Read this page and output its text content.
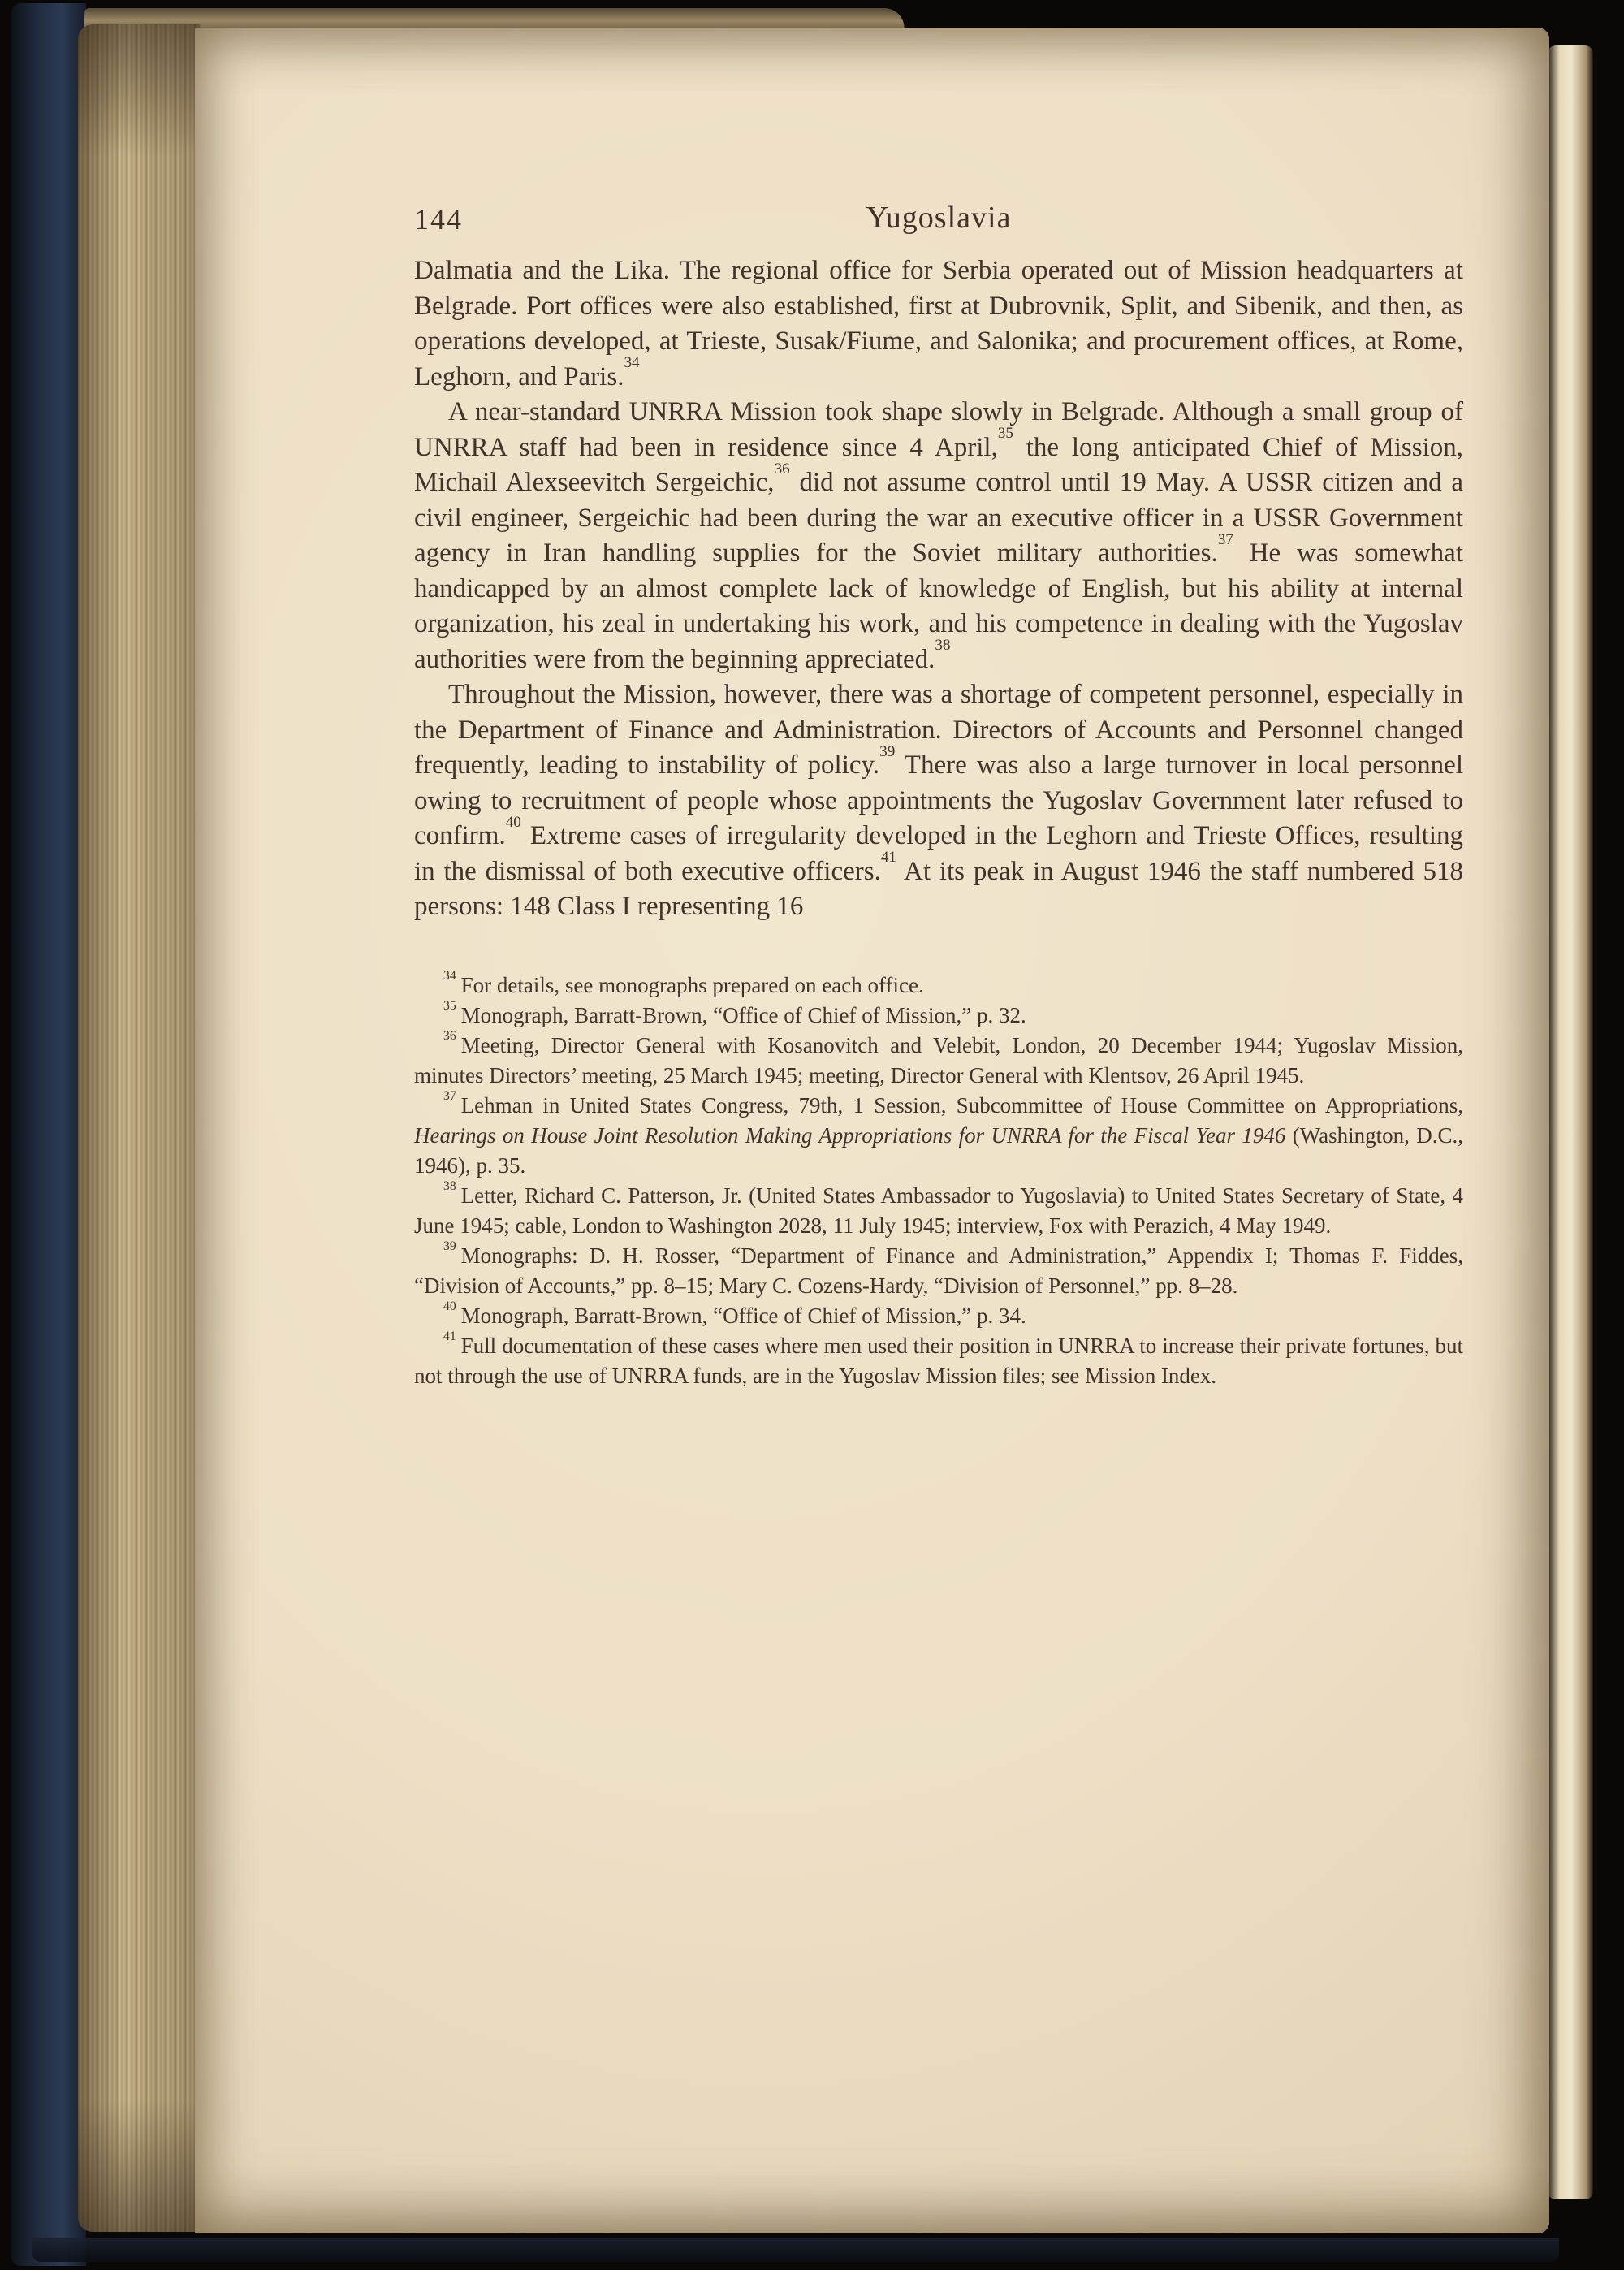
144	Yugoslavia

Dalmatia and the Lika. The regional office for Serbia operated out of Mission headquarters at Belgrade. Port offices were also established, first at Dubrovnik, Split, and Sibenik, and then, as operations developed, at Trieste, Susak/Fiume, and Salonika; and procurement offices, at Rome, Leghorn, and Paris.$^{34}$

A near-standard UNRRA Mission took shape slowly in Belgrade. Although a small group of UNRRA staff had been in residence since 4 April,$^{35}$ the long anticipated Chief of Mission, Michail Alexseevitch Sergeichic,$^{36}$ did not assume control until 19 May. A USSR citizen and a civil engineer, Sergeichic had been during the war an executive officer in a USSR Government agency in Iran handling supplies for the Soviet military authorities.$^{37}$ He was somewhat handicapped by an almost complete lack of knowledge of English, but his ability at internal organization, his zeal in undertaking his work, and his competence in dealing with the Yugoslav authorities were from the beginning appreciated.$^{38}$

Throughout the Mission, however, there was a shortage of competent personnel, especially in the Department of Finance and Administration. Directors of Accounts and Personnel changed frequently, leading to instability of policy.$^{39}$ There was also a large turnover in local personnel owing to recruitment of people whose appointments the Yugoslav Government later refused to confirm.$^{40}$ Extreme cases of irregularity developed in the Leghorn and Trieste Offices, resulting in the dismissal of both executive officers.$^{41}$ At its peak in August 1946 the staff numbered 518 persons: 148 Class I representing 16

$^{34}$ For details, see monographs prepared on each office.

$^{35}$ Monograph, Barratt-Brown, “Office of Chief of Mission,” p. 32.

$^{36}$ Meeting, Director General with Kosanovitch and Velebit, London, 20 December 1944; Yugoslav Mission, minutes Directors’ meeting, 25 March 1945; meeting, Director General with Klentsov, 26 April 1945.

$^{37}$ Lehman in United States Congress, 79th, 1 Session, Subcommittee of House Committee on Appropriations, Hearings on House Joint Resolution Making Appropriations for UNRRA for the Fiscal Year 1946 (Washington, D.C., 1946), p. 35.

$^{38}$ Letter, Richard C. Patterson, Jr. (United States Ambassador to Yugoslavia) to United States Secretary of State, 4 June 1945; cable, London to Washington 2028, 11 July 1945; interview, Fox with Perazich, 4 May 1949.

$^{39}$ Monographs: D. H. Rosser, “Department of Finance and Administration,” Appendix I; Thomas F. Fiddes, “Division of Accounts,” pp. 8–15; Mary C. Cozens-Hardy, “Division of Personnel,” pp. 8–28.

$^{40}$ Monograph, Barratt-Brown, “Office of Chief of Mission,” p. 34.

$^{41}$ Full documentation of these cases where men used their position in UNRRA to increase their private fortunes, but not through the use of UNRRA funds, are in the Yugoslav Mission files; see Mission Index.
